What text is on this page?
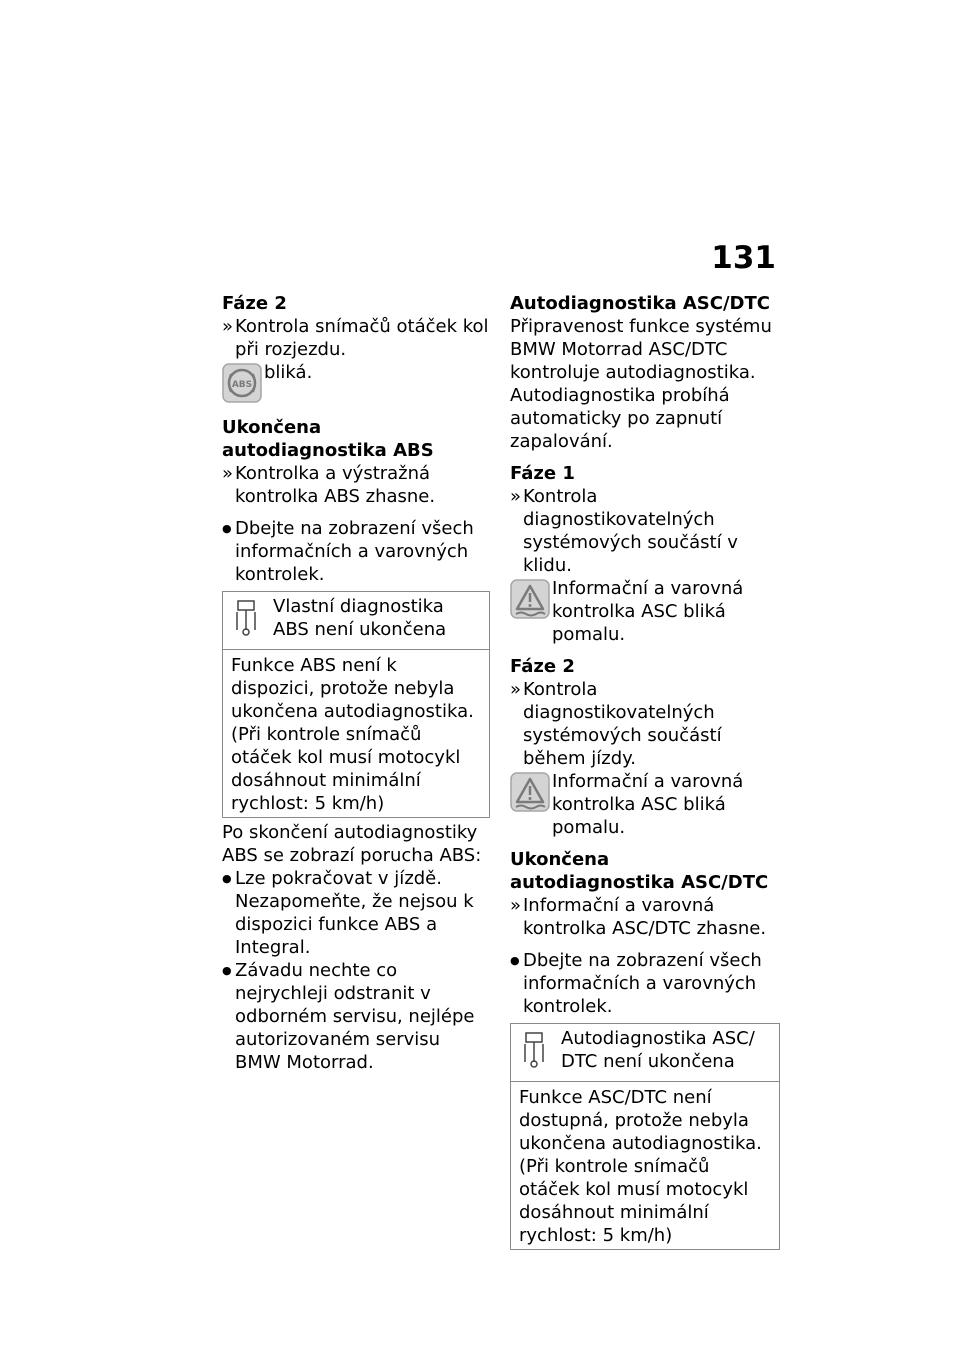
131
Fáze 2
» Kontrola snímačů otáček kol při rozjezdu.
ABS
bliká.
Ukončena autodiagnostika ABS
» Kontrolka a výstražná kontrolka ABS zhasne.
● Dbejte na zobrazení všech informačních a varovných kontrolek.
Vlastní diagnostika ABS není ukončena
Funkce ABS není k dispozici, protože nebyla ukončena autodiagnostika. (Při kontrole snímačů otáček kol musí motocykl dosáhnout minimální rychlost: 5 km/h)
Po skončení autodiagnostiky ABS se zobrazí porucha ABS:
● Lze pokračovat v jízdě. Nezapomeňte, že nejsou k dispozici funkce ABS a Integral.
● Závadu nechte co nejrychleji odstranit v odborném servisu, nejlépe autorizovaném servisu BMW Motorrad.
Autodiagnostika ASC/DTC
Připravenost funkce systému BMW Motorrad ASC/DTC kontroluje autodiagnostika. Autodiagnostika probíhá automaticky po zapnutí zapalování.
Fáze 1
» Kontrola diagnostikovatelných systémových součástí v klidu.
Informační a varovná kontrolka ASC bliká pomalu.
Fáze 2
» Kontrola diagnostikovatelných systémových součástí během jízdy.
Informační a varovná kontrolka ASC bliká pomalu.
Ukončena autodiagnostika ASC/DTC
» Informační a varovná kontrolka ASC/DTC zhasne.
● Dbejte na zobrazení všech informačních a varovných kontrolek.
Autodiagnostika ASC/ DTC není ukončena
Funkce ASC/DTC není dostupná, protože nebyla ukončena autodiagnostika. (Při kontrole snímačů otáček kol musí motocykl dosáhnout minimální rychlost: 5 km/h)
